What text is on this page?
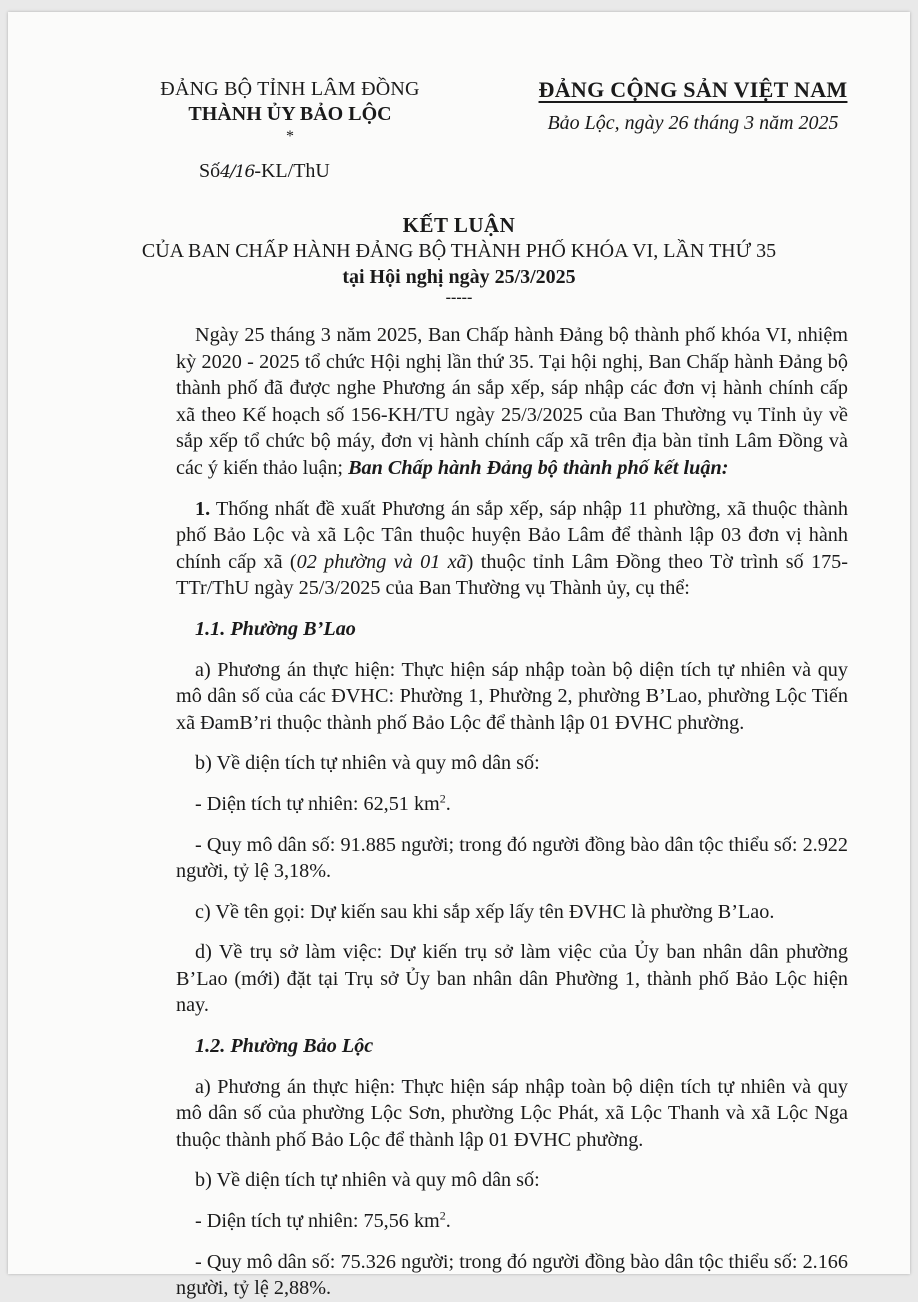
ĐẢNG BỘ TỈNH LÂM ĐỒNG
THÀNH ỦY BẢO LỘC
*
Số4/16-KL/ThU
ĐẢNG CỘNG SẢN VIỆT NAM
Bảo Lộc, ngày 26 tháng 3 năm 2025
KẾT LUẬN
CỦA BAN CHẤP HÀNH ĐẢNG BỘ THÀNH PHỐ KHÓA VI, LẦN THỨ 35
tại Hội nghị ngày 25/3/2025
-----

Ngày 25 tháng 3 năm 2025, Ban Chấp hành Đảng bộ thành phố khóa VI, nhiệm kỳ 2020 - 2025 tổ chức Hội nghị lần thứ 35. Tại hội nghị, Ban Chấp hành Đảng bộ thành phố đã được nghe Phương án sắp xếp, sáp nhập các đơn vị hành chính cấp xã theo Kế hoạch số 156-KH/TU ngày 25/3/2025 của Ban Thường vụ Tỉnh ủy về sắp xếp tổ chức bộ máy, đơn vị hành chính cấp xã trên địa bàn tỉnh Lâm Đồng và các ý kiến thảo luận; Ban Chấp hành Đảng bộ thành phố kết luận:

1. Thống nhất đề xuất Phương án sắp xếp, sáp nhập 11 phường, xã thuộc thành phố Bảo Lộc và xã Lộc Tân thuộc huyện Bảo Lâm để thành lập 03 đơn vị hành chính cấp xã (02 phường và 01 xã) thuộc tỉnh Lâm Đồng theo Tờ trình số 175-TTr/ThU ngày 25/3/2025 của Ban Thường vụ Thành ủy, cụ thể:

1.1. Phường B’Lao

a) Phương án thực hiện: Thực hiện sáp nhập toàn bộ diện tích tự nhiên và quy mô dân số của các ĐVHC: Phường 1, Phường 2, phường B’Lao, phường Lộc Tiến xã ĐamB’ri thuộc thành phố Bảo Lộc để thành lập 01 ĐVHC phường.

b) Về diện tích tự nhiên và quy mô dân số:

- Diện tích tự nhiên: 62,51 $km^2$.

- Quy mô dân số: 91.885 người; trong đó người đồng bào dân tộc thiểu số: 2.922 người, tỷ lệ 3,18%.

c) Về tên gọi: Dự kiến sau khi sắp xếp lấy tên ĐVHC là phường B’Lao.

d) Về trụ sở làm việc: Dự kiến trụ sở làm việc của Ủy ban nhân dân phường B’Lao (mới) đặt tại Trụ sở Ủy ban nhân dân Phường 1, thành phố Bảo Lộc hiện nay.

1.2. Phường Bảo Lộc

a) Phương án thực hiện: Thực hiện sáp nhập toàn bộ diện tích tự nhiên và quy mô dân số của phường Lộc Sơn, phường Lộc Phát, xã Lộc Thanh và xã Lộc Nga thuộc thành phố Bảo Lộc để thành lập 01 ĐVHC phường.

b) Về diện tích tự nhiên và quy mô dân số:

- Diện tích tự nhiên: 75,56 $km^2$.

- Quy mô dân số: 75.326 người; trong đó người đồng bào dân tộc thiểu số: 2.166 người, tỷ lệ 2,88%.
